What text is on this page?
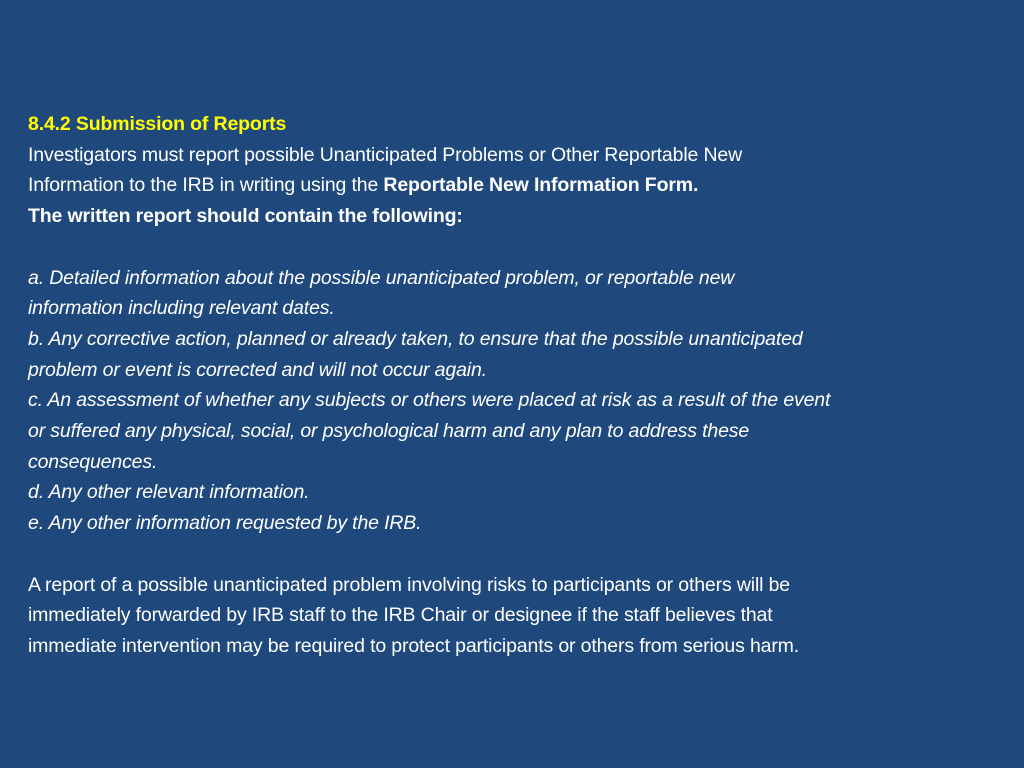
8.4.2 Submission of Reports
Investigators must report possible Unanticipated Problems or Other Reportable New
Information to the IRB in writing using the Reportable New Information Form.
The written report should contain the following:
a. Detailed information about the possible unanticipated problem, or reportable new
information including relevant dates.
b. Any corrective action, planned or already taken, to ensure that the possible unanticipated
problem or event is corrected and will not occur again.
c. An assessment of whether any subjects or others were placed at risk as a result of the event
or suffered any physical, social, or psychological harm and any plan to address these
consequences.
d. Any other relevant information.
e. Any other information requested by the IRB.
A report of a possible unanticipated problem involving risks to participants or others will be
immediately forwarded by IRB staff to the IRB Chair or designee if the staff believes that
immediate intervention may be required to protect participants or others from serious harm.
